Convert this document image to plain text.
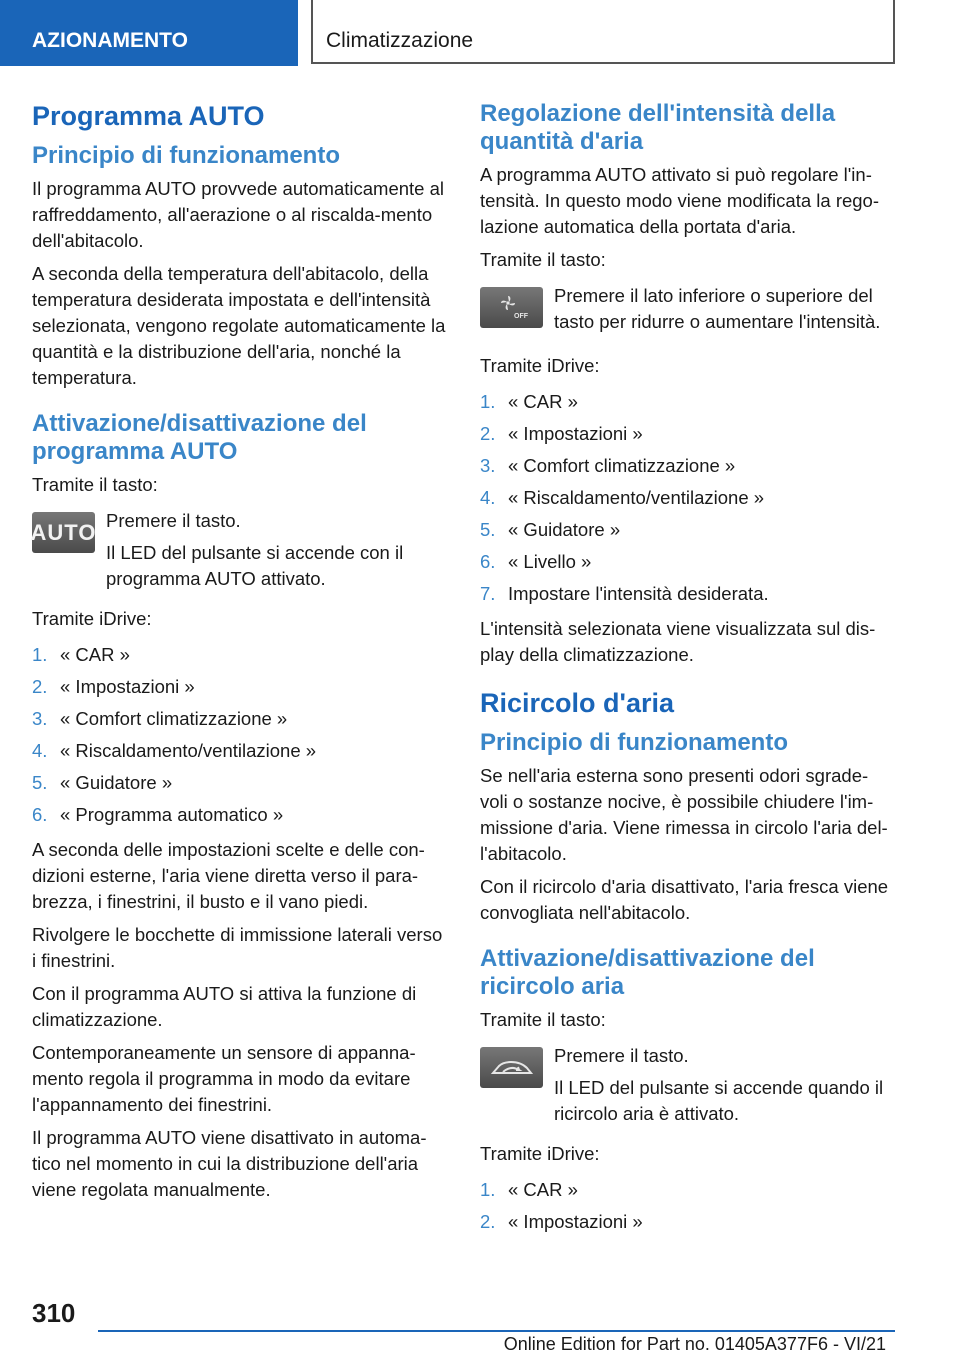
AZIONAMENTO	Climatizzazione
Programma AUTO
Principio di funzionamento

Il programma AUTO provvede automaticamente al raffreddamento, all'aerazione o al riscalda-mento dell'abitacolo.

A seconda della temperatura dell'abitacolo, della temperatura desiderata impostata e dell'intensità selezionata, vengono regolate automaticamente la quantità e la distribuzione dell'aria, nonché la temperatura.

Attivazione/disattivazione del programma AUTO

Tramite il tasto:

AUTO Premere il tasto.

Il LED del pulsante si accende con il programma AUTO attivato.

Tramite iDrive:

1. « CAR »
2. « Impostazioni »
3. « Comfort climatizzazione »
4. « Riscaldamento/ventilazione »
5. « Guidatore »
6. « Programma automatico »

A seconda delle impostazioni scelte e delle con-dizioni esterne, l'aria viene diretta verso il para-brezza, i finestrini, il busto e il vano piedi.

Rivolgere le bocchette di immissione laterali verso i finestrini.

Con il programma AUTO si attiva la funzione di climatizzazione.

Contemporaneamente un sensore di appanna-mento regola il programma in modo da evitare l'appannamento dei finestrini.

Il programma AUTO viene disattivato in automa-tico nel momento in cui la distribuzione dell'aria viene regolata manualmente.

Regolazione dell'intensità della quantità d'aria

A programma AUTO attivato si può regolare l'in-tensità. In questo modo viene modificata la rego-lazione automatica della portata d'aria.

Tramite il tasto:

OFF

Premere il lato inferiore o superiore del tasto per ridurre o aumentare l'intensità.

Tramite iDrive:

1. « CAR »
2. « Impostazioni »
3. « Comfort climatizzazione »
4. « Riscaldamento/ventilazione »
5. « Guidatore »
6. « Livello »
7. Impostare l'intensità desiderata.

L'intensità selezionata viene visualizzata sul dis-play della climatizzazione.

Ricircolo d'aria
Principio di funzionamento

Se nell'aria esterna sono presenti odori sgrade-voli o sostanze nocive, è possibile chiudere l'im-missione d'aria. Viene rimessa in circolo l'aria del-l'abitacolo.

Con il ricircolo d'aria disattivato, l'aria fresca viene convogliata nell'abitacolo.

Attivazione/disattivazione del ricircolo aria

Tramite il tasto:

Premere il tasto.

Il LED del pulsante si accende quando il ricircolo aria è attivato.

Tramite iDrive:

1. « CAR »
2. « Impostazioni »
310
Online Edition for Part no. 01405A377F6 - VI/21
